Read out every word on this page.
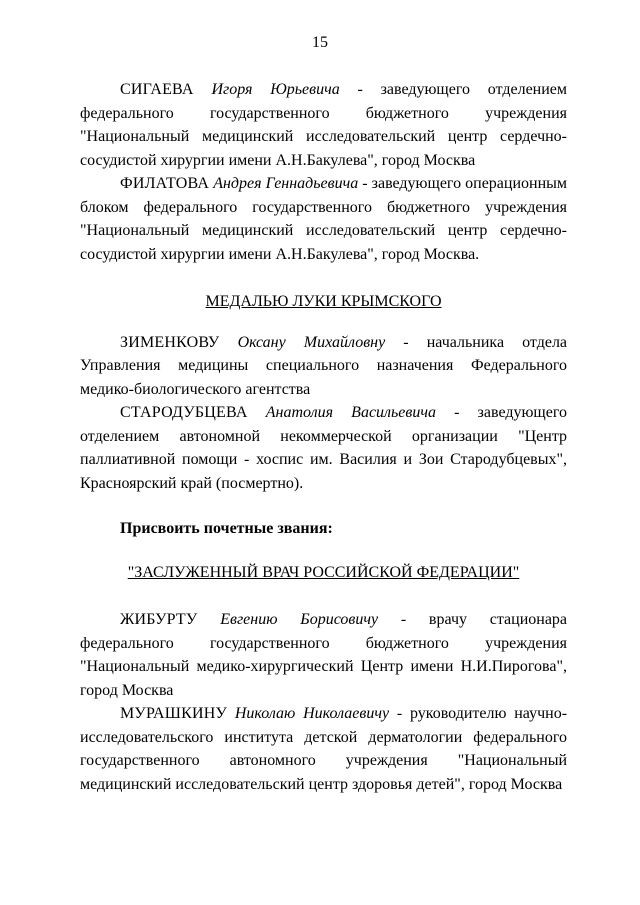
15

СИГАЕВА Игоря Юрьевича - заведующего отделением федерального государственного бюджетного учреждения "Национальный медицинский исследовательский центр сердечно-сосудистой хирургии имени А.Н.Бакулева", город Москва

ФИЛАТОВА Андрея Геннадьевича - заведующего операционным блоком федерального государственного бюджетного учреждения "Национальный медицинский исследовательский центр сердечно-сосудистой хирургии имени А.Н.Бакулева", город Москва.

МЕДАЛЬЮ ЛУКИ КРЫМСКОГО

ЗИМЕНКОВУ Оксану Михайловну - начальника отдела Управления медицины специального назначения Федерального медико-биологического агентства

СТАРОДУБЦЕВА Анатолия Васильевича - заведующего отделением автономной некоммерческой организации "Центр паллиативной помощи - хоспис им. Василия и Зои Стародубцевых", Красноярский край (посмертно).

Присвоить почетные звания:

"ЗАСЛУЖЕННЫЙ ВРАЧ РОССИЙСКОЙ ФЕДЕРАЦИИ"

ЖИБУРТУ Евгению Борисовичу - врачу стационара федерального государственного бюджетного учреждения "Национальный медико-хирургический Центр имени Н.И.Пирогова", город Москва

МУРАШКИНУ Николаю Николаевичу - руководителю научно-исследовательского института детской дерматологии федерального государственного автономного учреждения "Национальный медицинский исследовательский центр здоровья детей", город Москва
